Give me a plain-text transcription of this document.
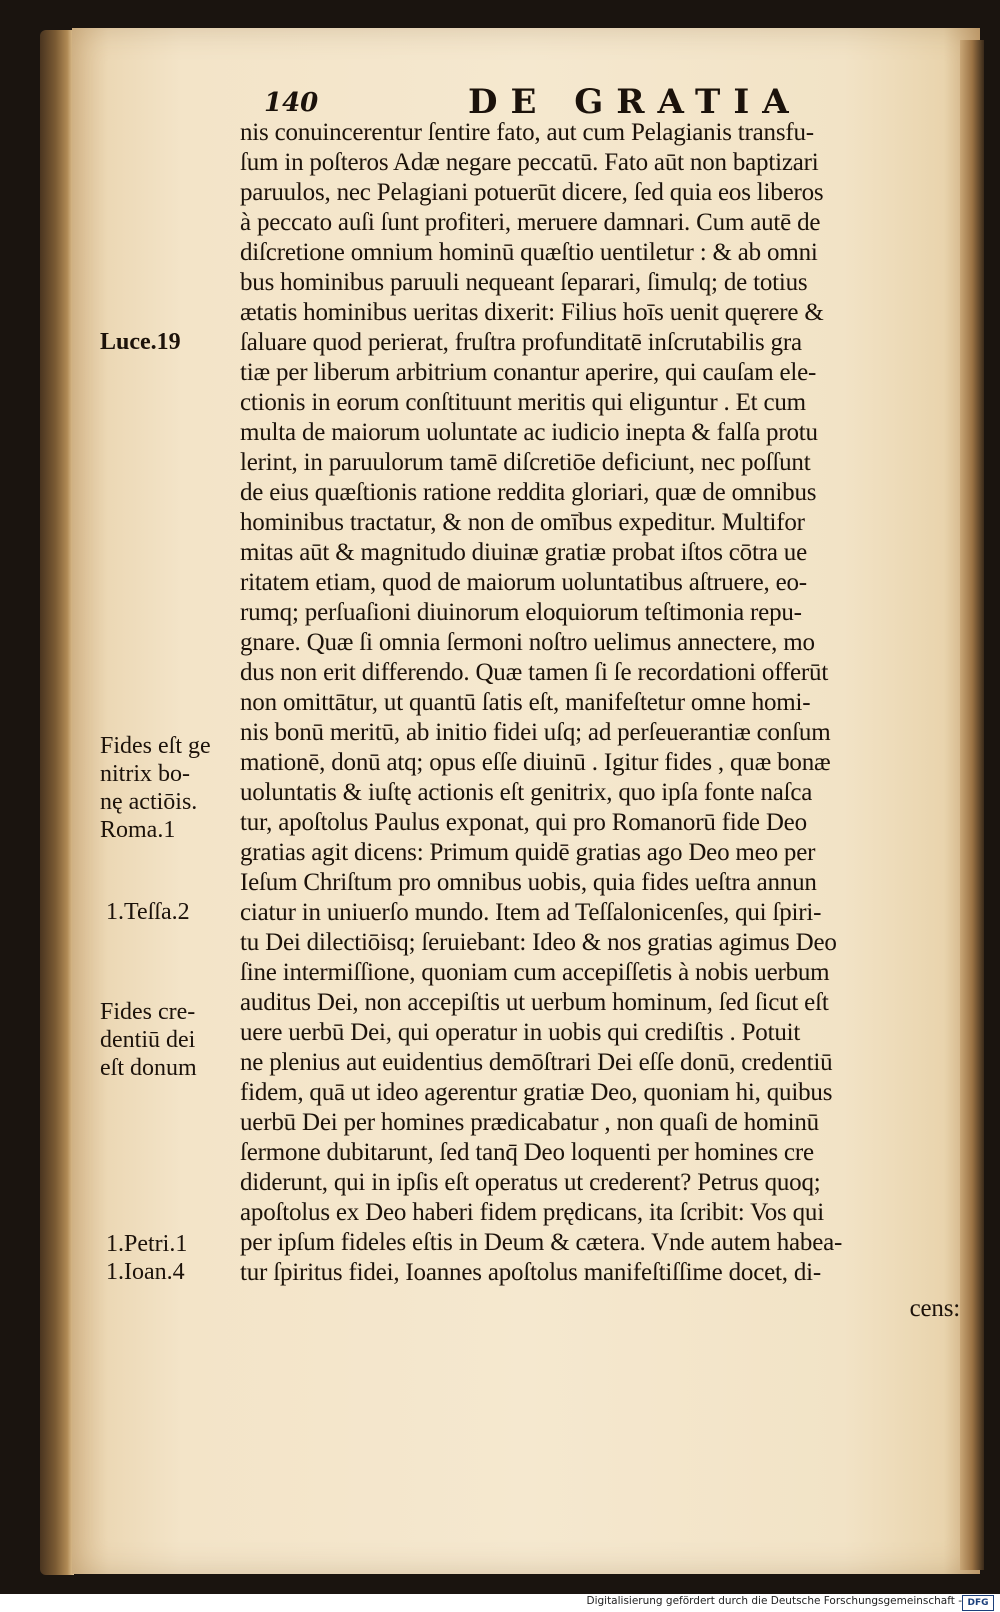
140	DE GRATIA
Luce.19
Fides eſt ge
nitrix bo-
nę actiōis.
Roma.1
1.Teſſa.2
Fides cre-
dentiū dei
eſt donum
1.Petri.1
1.Ioan.4
nis conuincerentur ſentire fato, aut cum Pelagianis transfu-
ſum in poſteros Adæ negare peccatū. Fato aūt non baptizari
paruulos, nec Pelagiani potuerūt dicere, ſed quia eos liberos
à peccato auſi ſunt profiteri, meruere damnari. Cum autē de
diſcretione omnium hominū quæſtio uentiletur : & ab omni
bus hominibus paruuli nequeant ſeparari, ſimulq; de totius
ætatis hominibus ueritas dixerit: Filius hoīs uenit quęrere &
ſaluare quod perierat, fruſtra profunditatē inſcrutabilis gra
tiæ per liberum arbitrium conantur aperire, qui cauſam ele-
ctionis in eorum conſtituunt meritis qui eliguntur . Et cum
multa de maiorum uoluntate ac iudicio inepta & falſa protu
lerint, in paruulorum tamē diſcretiōe deficiunt, nec poſſunt
de eius quæſtionis ratione reddita gloriari, quæ de omnibus
hominibus tractatur, & non de omībus expeditur. Multifor
mitas aūt & magnitudo diuinæ gratiæ probat iſtos cōtra ue
ritatem etiam, quod de maiorum uoluntatibus aſtruere, eo-
rumq; perſuaſioni diuinorum eloquiorum teſtimonia repu-
gnare. Quæ ſi omnia ſermoni noſtro uelimus annectere, mo
dus non erit differendo. Quæ tamen ſi ſe recordationi offerūt
non omittātur, ut quantū ſatis eſt, manifeſtetur omne homi-
nis bonū meritū, ab initio fidei uſq; ad perſeuerantiæ conſum
mationē, donū atq; opus eſſe diuinū . Igitur fides , quæ bonæ
uoluntatis & iuſtę actionis eſt genitrix, quo ipſa fonte naſca
tur, apoſtolus Paulus exponat, qui pro Romanorū fide Deo
gratias agit dicens: Primum quidē gratias ago Deo meo per
Ieſum Chriſtum pro omnibus uobis, quia fides ueſtra annun
ciatur in uniuerſo mundo. Item ad Teſſalonicenſes, qui ſpiri-
tu Dei dilectiōisq; ſeruiebant: Ideo & nos gratias agimus Deo
ſine intermiſſione, quoniam cum accepiſſetis à nobis uerbum
auditus Dei, non accepiſtis ut uerbum hominum, ſed ſicut eſt
uere uerbū Dei, qui operatur in uobis qui crediſtis . Potuit
ne plenius aut euidentius demōſtrari Dei eſſe donū, credentiū
fidem, quā ut ideo agerentur gratiæ Deo, quoniam hi, quibus
uerbū Dei per homines prædicabatur , non quaſi de hominū
ſermone dubitarunt, ſed tanq̄ Deo loquenti per homines cre
diderunt, qui in ipſis eſt operatus ut crederent? Petrus quoq;
apoſtolus ex Deo haberi fidem prędicans, ita ſcribit: Vos qui
per ipſum fideles eſtis in Deum & cætera. Vnde autem habea-
tur ſpiritus fidei, Ioannes apoſtolus manifeſtiſſime docet, di-
cens:
Digitalisierung gefördert durch die Deutsche Forschungsgemeinschaft - DFG
